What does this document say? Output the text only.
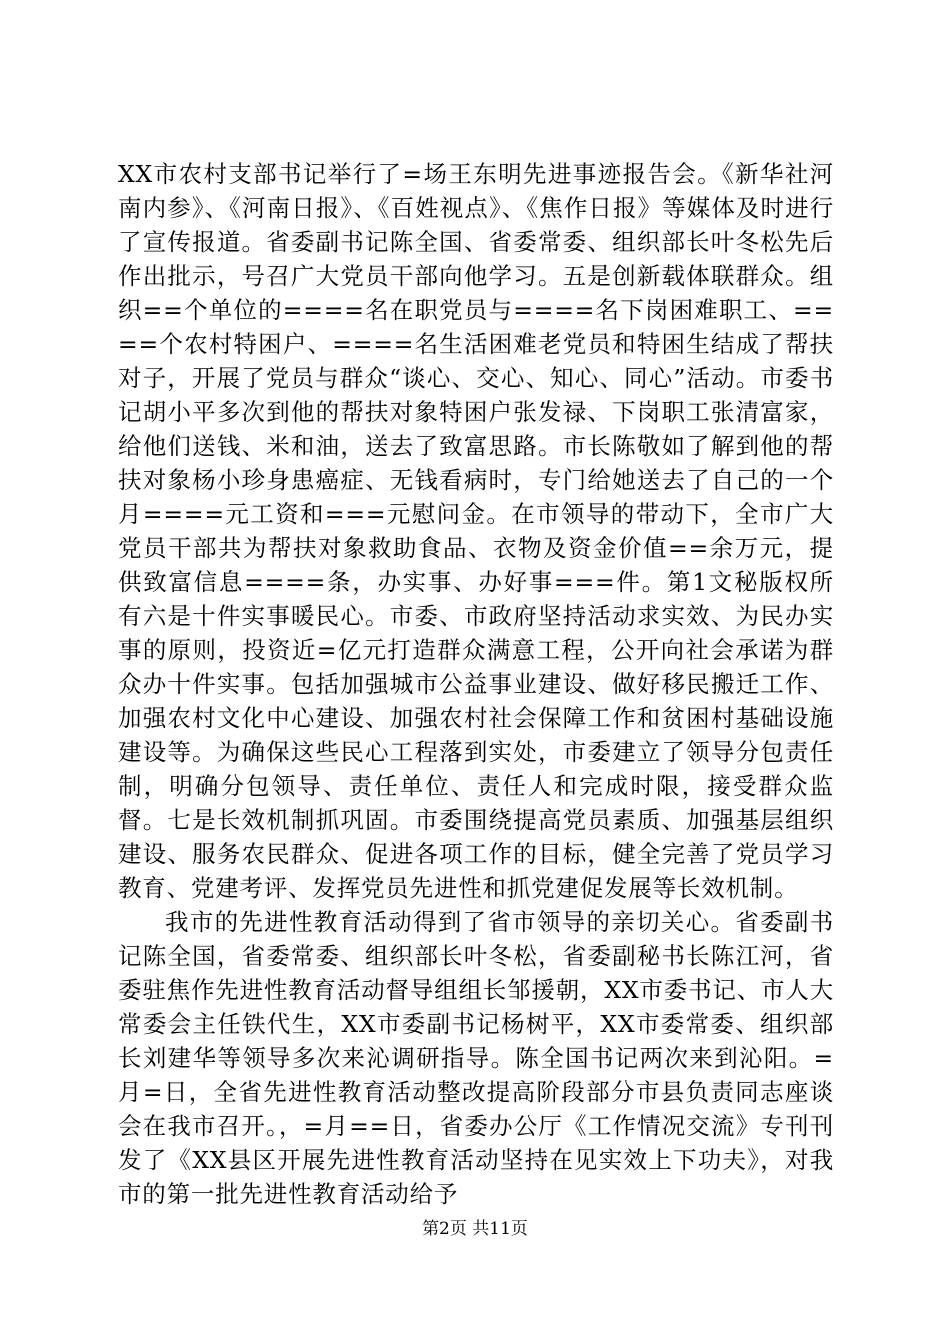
XX市农村支部书记举行了=场王东明先进事迹报告会。《新华社河南内参》、《河南日报》、《百姓视点》、《焦作日报》等媒体及时进行了宣传报道。省委副书记陈全国、省委常委、组织部长叶冬松先后作出批示，号召广大党员干部向他学习。五是创新载体联群众。组织==个单位的====名在职党员与====名下岗困难职工、====个农村特困户、====名生活困难老党员和特困生结成了帮扶对子，开展了党员与群众“谈心、交心、知心、同心”活动。市委书记胡小平多次到他的帮扶对象特困户张发禄、下岗职工张清富家，给他们送钱、米和油，送去了致富思路。市长陈敬如了解到他的帮扶对象杨小珍身患癌症、无钱看病时，专门给她送去了自己的一个月====元工资和===元慰问金。在市领导的带动下，全市广大党员干部共为帮扶对象救助食品、衣物及资金价值==余万元，提供致富信息====条，办实事、办好事===件。第1文秘版权所有六是十件实事暖民心。市委、市政府坚持活动求实效、为民办实事的原则，投资近=亿元打造群众满意工程，公开向社会承诺为群众办十件实事。包括加强城市公益事业建设、做好移民搬迁工作、加强农村文化中心建设、加强农村社会保障工作和贫困村基础设施建设等。为确保这些民心工程落到实处，市委建立了领导分包责任制，明确分包领导、责任单位、责任人和完成时限，接受群众监督。七是长效机制抓巩固。市委围绕提高党员素质、加强基层组织建设、服务农民群众、促进各项工作的目标，健全完善了党员学习教育、党建考评、发挥党员先进性和抓党建促发展等长效机制。

我市的先进性教育活动得到了省市领导的亲切关心。省委副书记陈全国，省委常委、组织部长叶冬松，省委副秘书长陈江河，省委驻焦作先进性教育活动督导组组长邹援朝，XX市委书记、市人大常委会主任铁代生，XX市委副书记杨树平，XX市委常委、组织部长刘建华等领导多次来沁调研指导。陈全国书记两次来到沁阳。=月=日，全省先进性教育活动整改提高阶段部分市县负责同志座谈会在我市召开。，=月==日，省委办公厅《工作情况交流》专刊刊发了《XX县区开展先进性教育活动坚持在见实效上下功夫》，对我市的第一批先进性教育活动给予

第2页 共11页
